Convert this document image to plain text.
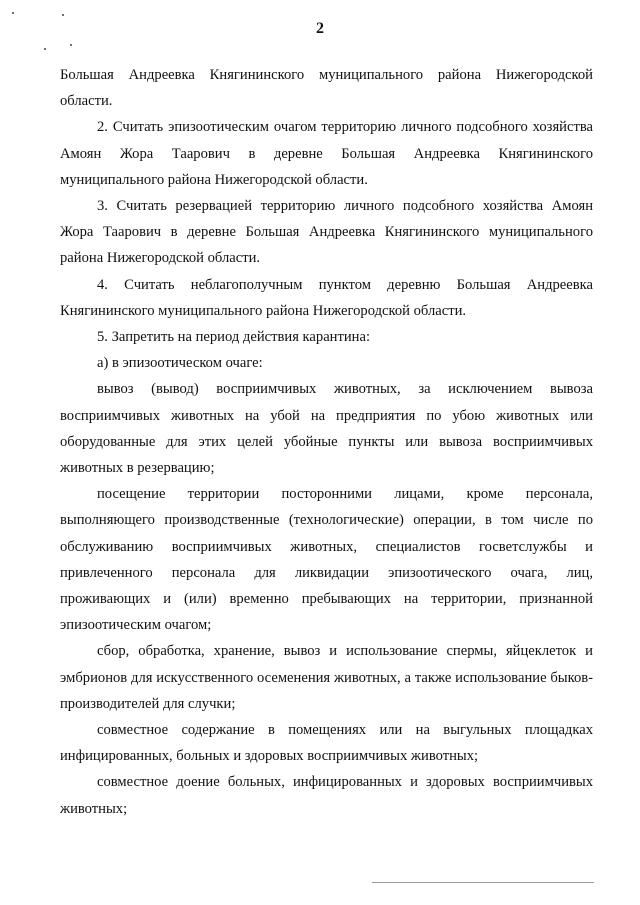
2

Большая Андреевка Княгининского муниципального района Нижегородской области.

2. Считать эпизоотическим очагом территорию личного подсобного хозяйства Амоян Жора Таарович в деревне Большая Андреевка Княгининского муниципального района Нижегородской области.

3. Считать резервацией территорию личного подсобного хозяйства Амоян Жора Таарович в деревне Большая Андреевка Княгининского муниципального района Нижегородской области.

4. Считать неблагополучным пунктом деревню Большая Андреевка Княгининского муниципального района Нижегородской области.

5. Запретить на период действия карантина:

а) в эпизоотическом очаге:

вывоз (вывод) восприимчивых животных, за исключением вывоза восприимчивых животных на убой на предприятия по убою животных или оборудованные для этих целей убойные пункты или вывоза восприимчивых животных в резервацию;

посещение территории посторонними лицами, кроме персонала, выполняющего производственные (технологические) операции, в том числе по обслуживанию восприимчивых животных, специалистов госветслужбы и привлеченного персонала для ликвидации эпизоотического очага, лиц, проживающих и (или) временно пребывающих на территории, признанной эпизоотическим очагом;

сбор, обработка, хранение, вывоз и использование спермы, яйцеклеток и эмбрионов для искусственного осеменения животных, а также использование быков-производителей для случки;

совместное содержание в помещениях или на выгульных площадках инфицированных, больных и здоровых восприимчивых животных;

совместное доение больных, инфицированных и здоровых восприимчивых животных;
